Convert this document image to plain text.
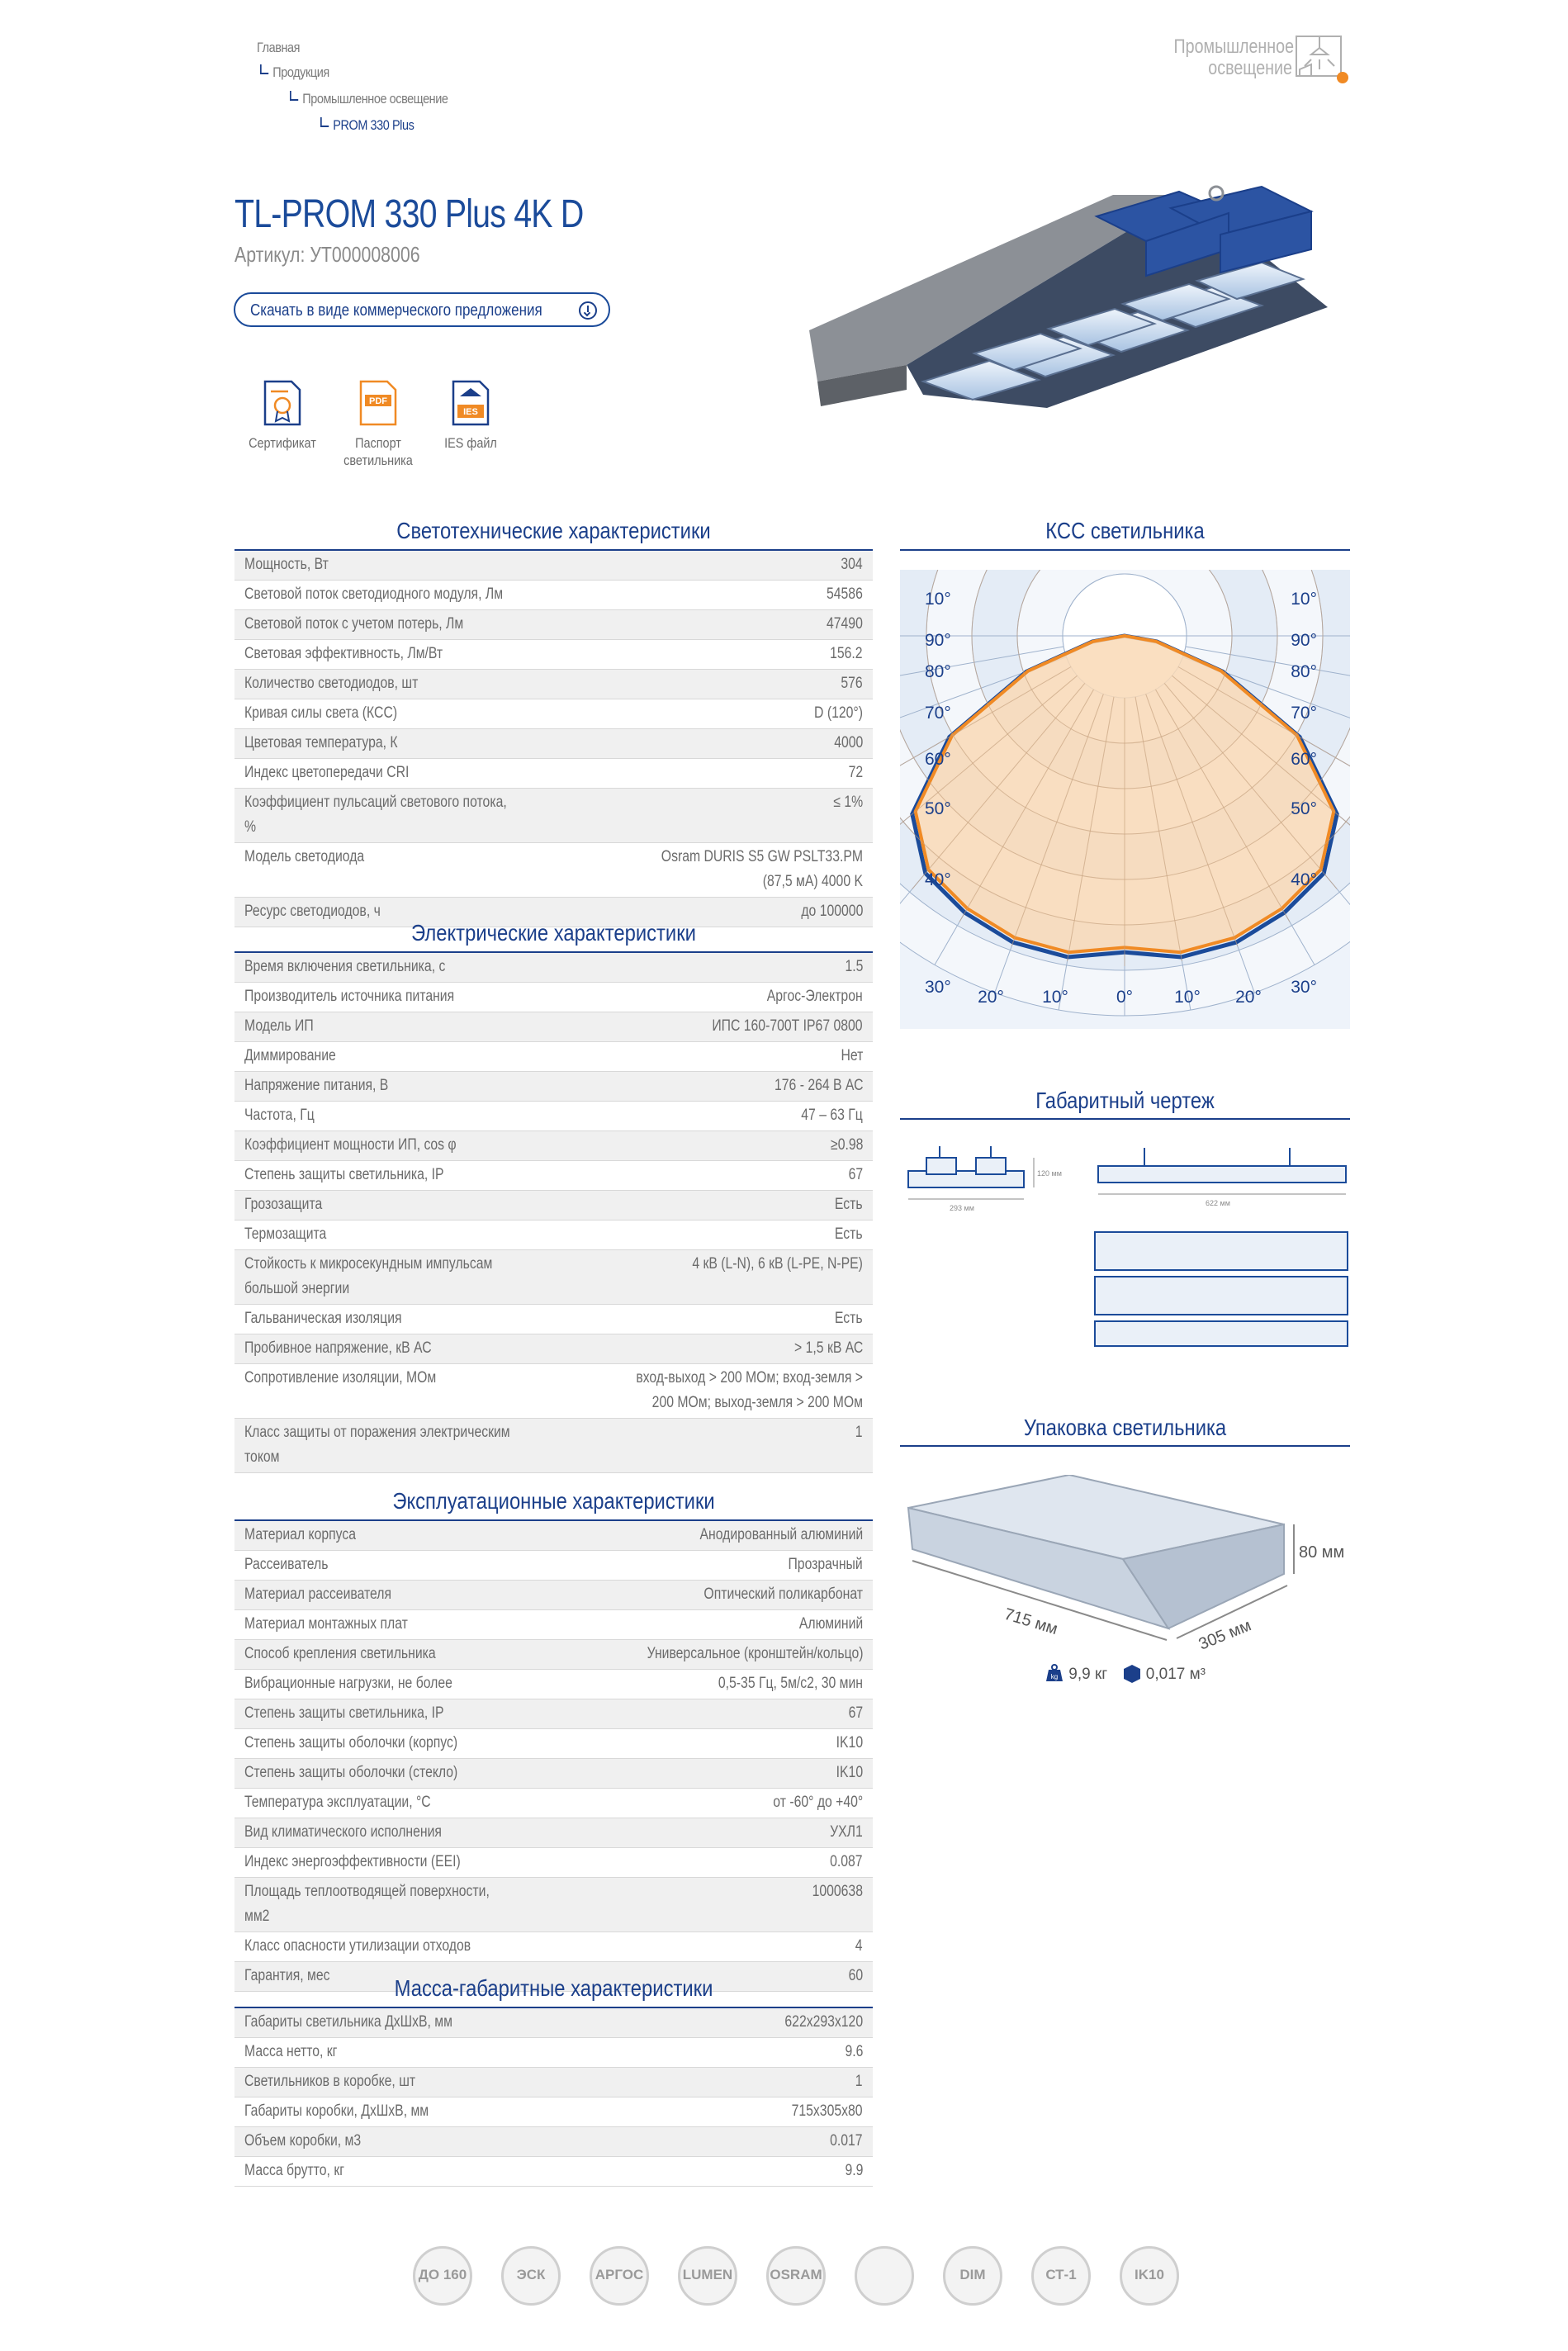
Главная
Продукция
Промышленное освещение
PROM 330 Plus
Промышленное
освещение
TL-PROM 330 Plus 4K D
Артикул: УТ000008006
Скачать в виде коммерческого предложения
Сертификат
PDF
Паспорт
светильника
IES
IES файл
Светотехнические характеристики
Мощность, Вт	304
Световой поток светодиодного модуля, Лм	54586
Световой поток с учетом потерь, Лм	47490
Световая эффективность, Лм/Вт	156.2
Количество светодиодов, шт	576
Кривая силы света (КСС)	D (120°)
Цветовая температура, К	4000
Индекс цветопередачи CRI	72
Коэффициент пульсаций светового потока, %	≤ 1%
Модель светодиода	Osram DURIS S5 GW PSLT33.PM (87,5 мА) 4000 K
Ресурс светодиодов, ч	до 100000
Электрические характеристики
Время включения светильника, с	1.5
Производитель источника питания	Аргос-Электрон
Модель ИП	ИПС 160-700Т IP67 0800
Диммирование	Нет
Напряжение питания, В	176 - 264 В АС
Частота, Гц	47 – 63 Гц
Коэффициент мощности ИП, cos φ	≥0.98
Степень защиты светильника, IP	67
Грозозащита	Есть
Термозащита	Есть
Стойкость к микросекундным импульсам большой энергии	4 кВ (L-N), 6 кВ (L-PE, N-PE)
Гальваническая изоляция	Есть
Пробивное напряжение, кВ АС	> 1,5 кВ АС
Сопротивление изоляции, МОм	вход-выход > 200 МОм; вход-земля > 200 МОм; выход-земля > 200 МОм
Класс защиты от поражения электрическим током	1
Эксплуатационные характеристики
Материал корпуса	Анодированный алюминий
Рассеиватель	Прозрачный
Материал рассеивателя	Оптический поликарбонат
Материал монтажных плат	Алюминий
Способ крепления светильника	Универсальное (кронштейн/кольцо)
Вибрационные нагрузки, не более	0,5-35 Гц, 5м/с2, 30 мин
Степень защиты светильника, IP	67
Степень защиты оболочки (корпус)	IK10
Степень защиты оболочки (стекло)	IK10
Температура эксплуатации, °С	от -60° до +40°
Вид климатического исполнения	УХЛ1
Индекс энергоэффективности (EEI)	0.087
Площадь теплоотводящей поверхности, мм2	1000638
Класс опасности утилизации отходов	4
Гарантия, мес	60
Масса-габаритные характеристики
Габариты светильника ДхШхВ, мм	622х293х120
Масса нетто, кг	9.6
Светильников в коробке, шт	1
Габариты коробки, ДхШхВ, мм	715х305х80
Объем коробки, м3	0.017
Масса брутто, кг	9.9
КСС светильника
10°
90°
80°
70°
60°
50°
40°
30°
10°
90°
80°
70°
60°
50°
40°
30°
20° 10°	0° 10° 20°
Габаритный чертеж
293 мм
120 мм
622 мм
Упаковка светильника
715 мм	305 мм
80 мм
kg 9,9 кг 0,017 м³
ДО 160	ЭСК	АРГОС	LUMEN	OSRAM	DIM	СТ-1	IK10
